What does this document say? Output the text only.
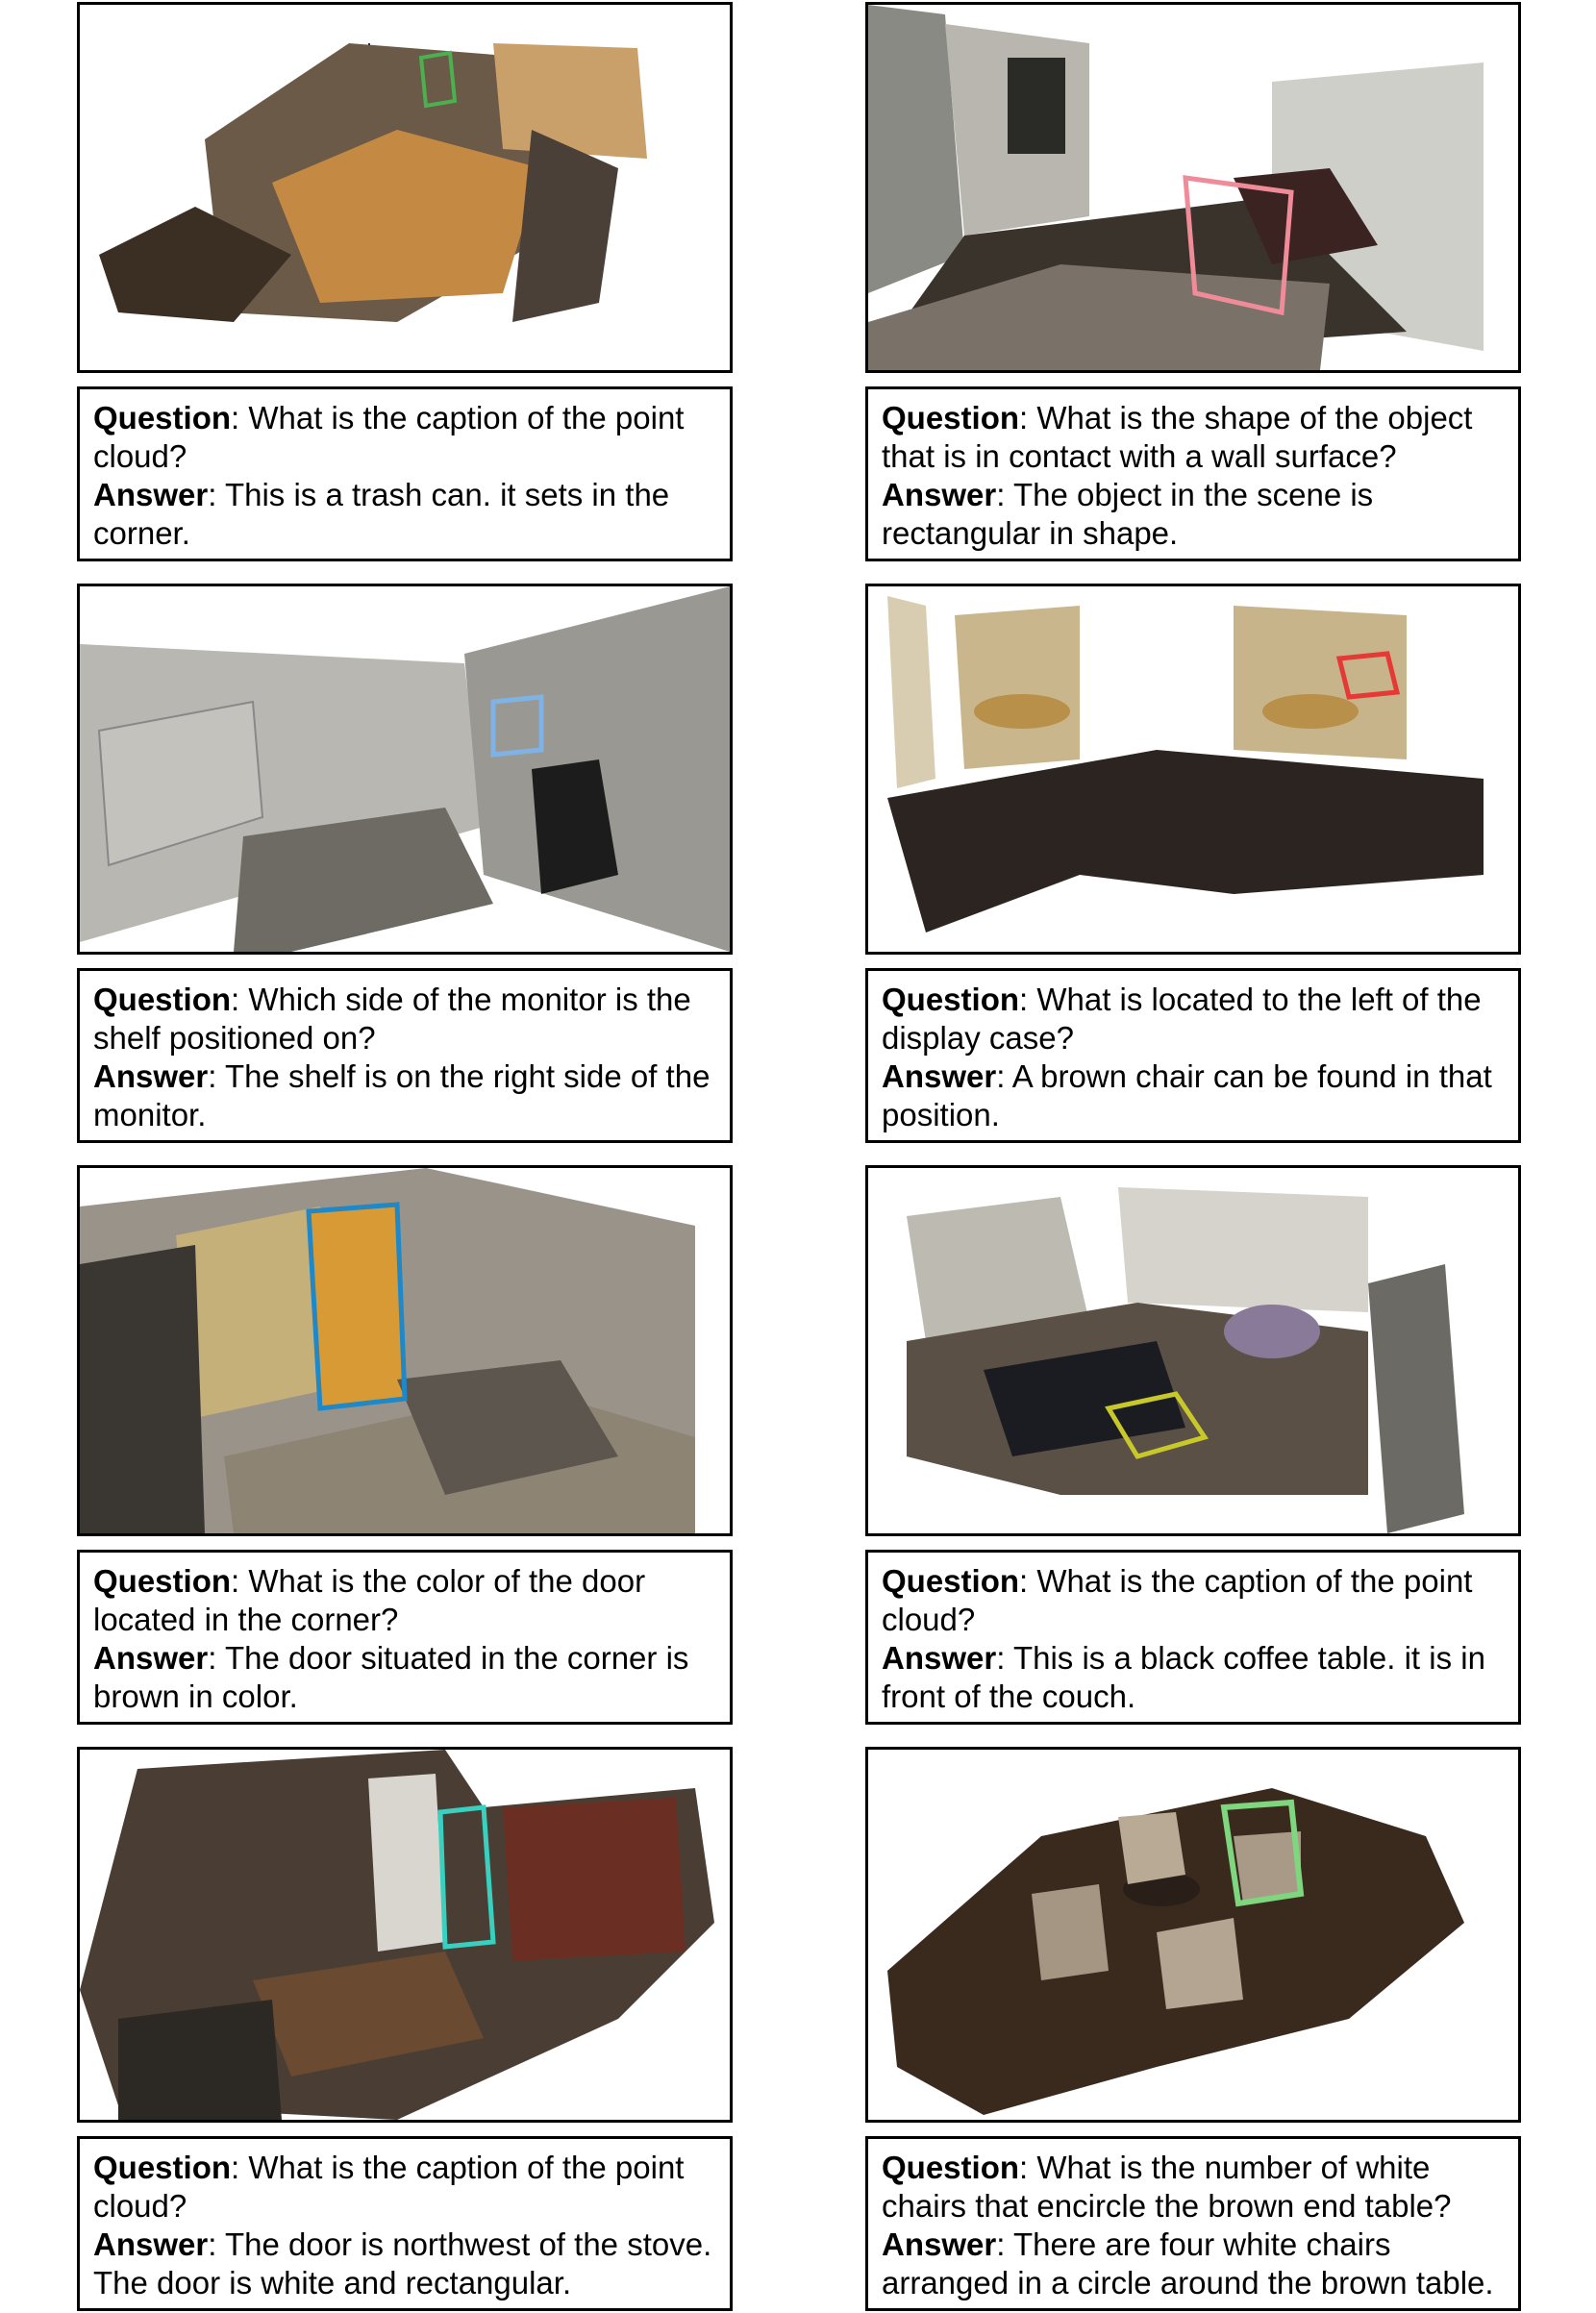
Question: What is the caption of the point cloud?
Answer: This is a trash can. it sets in the corner.
Question: What is the shape of the object that is in contact with a wall surface?
Answer: The object in the scene is rectangular in shape.
Question: Which side of the monitor is the shelf positioned on?
Answer: The shelf is on the right side of the monitor.
Question: What is located to the left of the display case?
Answer: A brown chair can be found in that position.
Question: What is the color of the door located in the corner?
Answer: The door situated in the corner is brown in color.
Question: What is the caption of the point cloud?
Answer: This is a black coffee table. it is in front of the couch.
Question: What is the caption of the point cloud?
Answer: The door is northwest of the stove. The door is white and rectangular.
Question: What is the number of white chairs that encircle the brown end table?
Answer: There are four white chairs arranged in a circle around the brown table.
